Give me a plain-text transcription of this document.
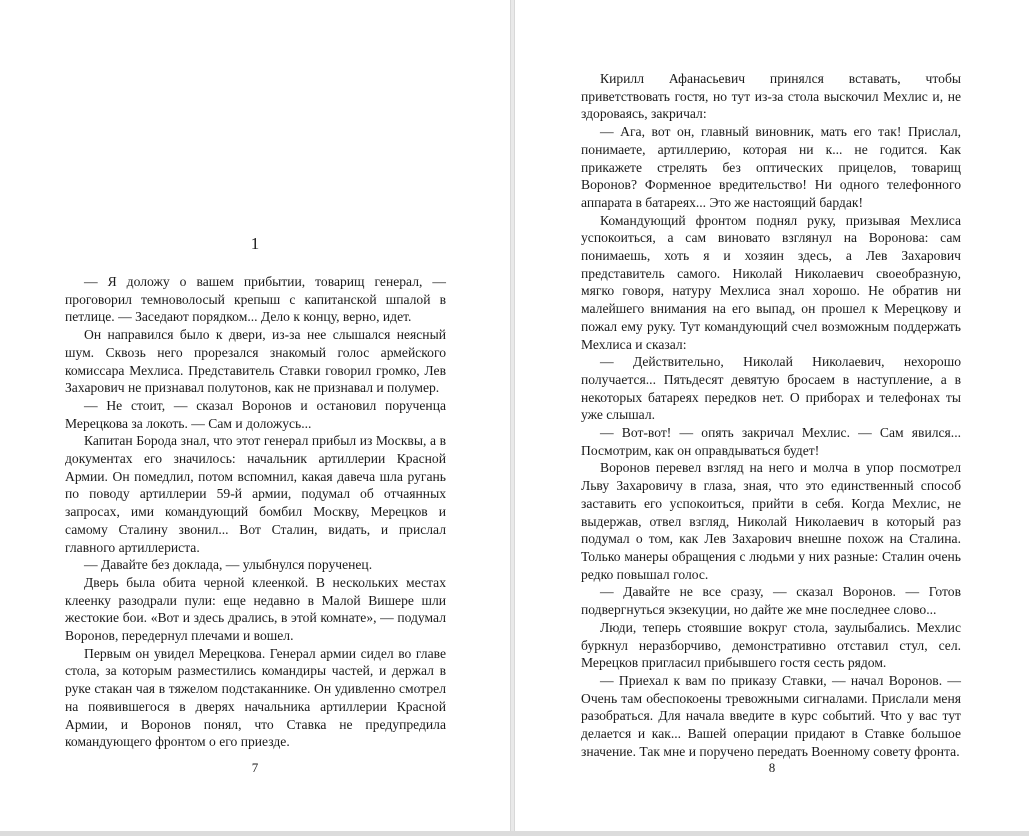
1

— Я доложу о вашем прибытии, товарищ генерал, — проговорил темноволосый крепыш с капитанской шпалой в петлице. — Заседают порядком... Дело к концу, верно, идет.

Он направился было к двери, из-за нее слышался неясный шум. Сквозь него прорезался знакомый голос армейского комиссара Мехлиса. Представитель Ставки говорил громко, Лев Захарович не признавал полутонов, как не признавал и полумер.

— Не стоит, — сказал Воронов и остановил порученца Мерецкова за локоть. — Сам и доложусь...

Капитан Борода знал, что этот генерал прибыл из Москвы, а в документах его значилось: начальник артиллерии Красной Армии. Он помедлил, потом вспомнил, какая давеча шла ругань по поводу артиллерии 59-й армии, подумал об отчаянных запросах, ими командующий бомбил Москву, Мерецков и самому Сталину звонил... Вот Сталин, видать, и прислал главного артиллериста.

— Давайте без доклада, — улыбнулся порученец.

Дверь была обита черной клеенкой. В нескольких местах клеенку разодрали пули: еще недавно в Малой Вишере шли жестокие бои. «Вот и здесь дрались, в этой комнате», — подумал Воронов, передернул плечами и вошел.

Первым он увидел Мерецкова. Генерал армии сидел во главе стола, за которым разместились командиры частей, и держал в руке стакан чая в тяжелом подстаканнике. Он удивленно смотрел на появившегося в дверях начальника артиллерии Красной Армии, и Воронов понял, что Ставка не предупредила командующего фронтом о его приезде.

7

Кирилл Афанасьевич принялся вставать, чтобы приветствовать гостя, но тут из-за стола выскочил Мехлис и, не здороваясь, закричал:

— Ага, вот он, главный виновник, мать его так! Прислал, понимаете, артиллерию, которая ни к... не годится. Как прикажете стрелять без оптических прицелов, товарищ Воронов? Форменное вредительство! Ни одного телефонного аппарата в батареях... Это же настоящий бардак!

Командующий фронтом поднял руку, призывая Мехлиса успокоиться, а сам виновато взглянул на Воронова: сам понимаешь, хоть я и хозяин здесь, а Лев Захарович представитель самого. Николай Николаевич своеобразную, мягко говоря, натуру Мехлиса знал хорошо. Не обратив ни малейшего внимания на его выпад, он прошел к Мерецкову и пожал ему руку. Тут командующий счел возможным поддержать Мехлиса и сказал:

— Действительно, Николай Николаевич, нехорошо получается... Пятьдесят девятую бросаем в наступление, а в некоторых батареях передков нет. О приборах и телефонах ты уже слышал.

— Вот-вот! — опять закричал Мехлис. — Сам явился... Посмотрим, как он оправдываться будет!

Воронов перевел взгляд на него и молча в упор посмотрел Льву Захаровичу в глаза, зная, что это единственный способ заставить его успокоиться, прийти в себя. Когда Мехлис, не выдержав, отвел взгляд, Николай Николаевич в который раз подумал о том, как Лев Захарович внешне похож на Сталина. Только манеры обращения с людьми у них разные: Сталин очень редко повышал голос.

— Давайте не все сразу, — сказал Воронов. — Готов подвергнуться экзекуции, но дайте же мне последнее слово...

Люди, теперь стоявшие вокруг стола, заулыбались. Мехлис буркнул неразборчиво, демонстративно отставил стул, сел. Мерецков пригласил прибывшего гостя сесть рядом.

— Приехал к вам по приказу Ставки, — начал Воронов. — Очень там обеспокоены тревожными сигналами. Прислали меня разобраться. Для начала введите в курс событий. Что у вас тут делается и как... Вашей операции придают в Ставке большое значение. Так мне и поручено передать Военному совету фронта.

8
